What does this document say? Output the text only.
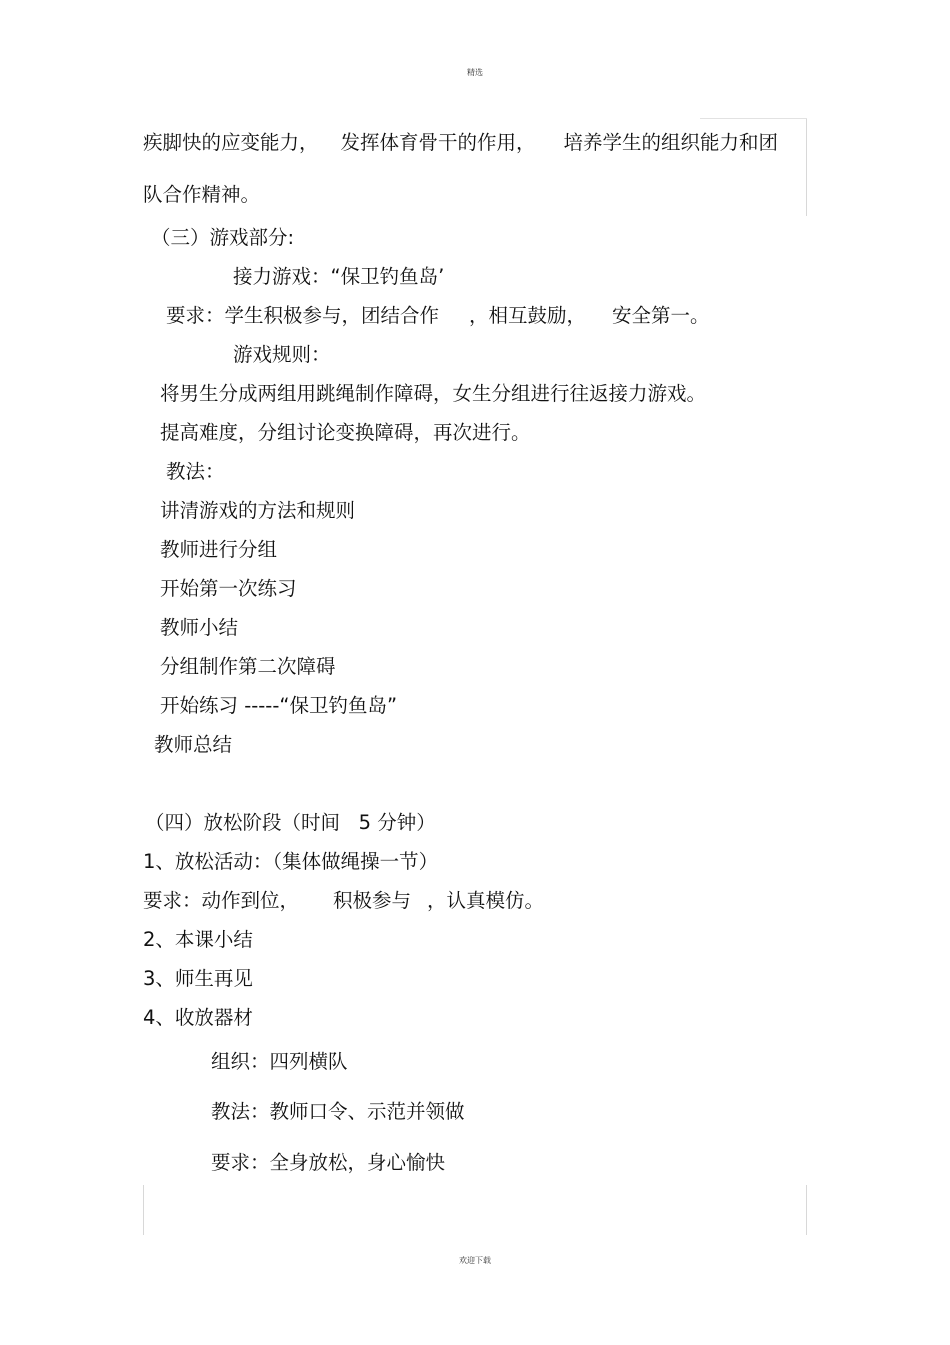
精选
疾脚快的应变能力， 发挥体育骨干的作用， 培养学生的组织能力和团
队合作精神。
（三）游戏部分:
接力游戏：“保卫钓鱼岛’
要求：学生积极参与，团结合作 ，相互鼓励， 安全第一。
游戏规则：
将男生分成两组用跳绳制作障碍，女生分组进行往返接力游戏。
提高难度，分组讨论变换障碍，再次进行。
教法：
讲清游戏的方法和规则
教师进行分组
开始第一次练习
教师小结
分组制作第二次障碍
开始练习 -----“保卫钓鱼岛”
教师总结
（四）放松阶段（时间   5 分钟）
1、放松活动：（集体做绳操一节）
要求：动作到位， 积极参与 ，认真模仿。
2、本课小结
3、师生再见
4、收放器材
组织：四列横队
教法：教师口令、示范并领做
要求：全身放松，身心愉快
欢迎下载
